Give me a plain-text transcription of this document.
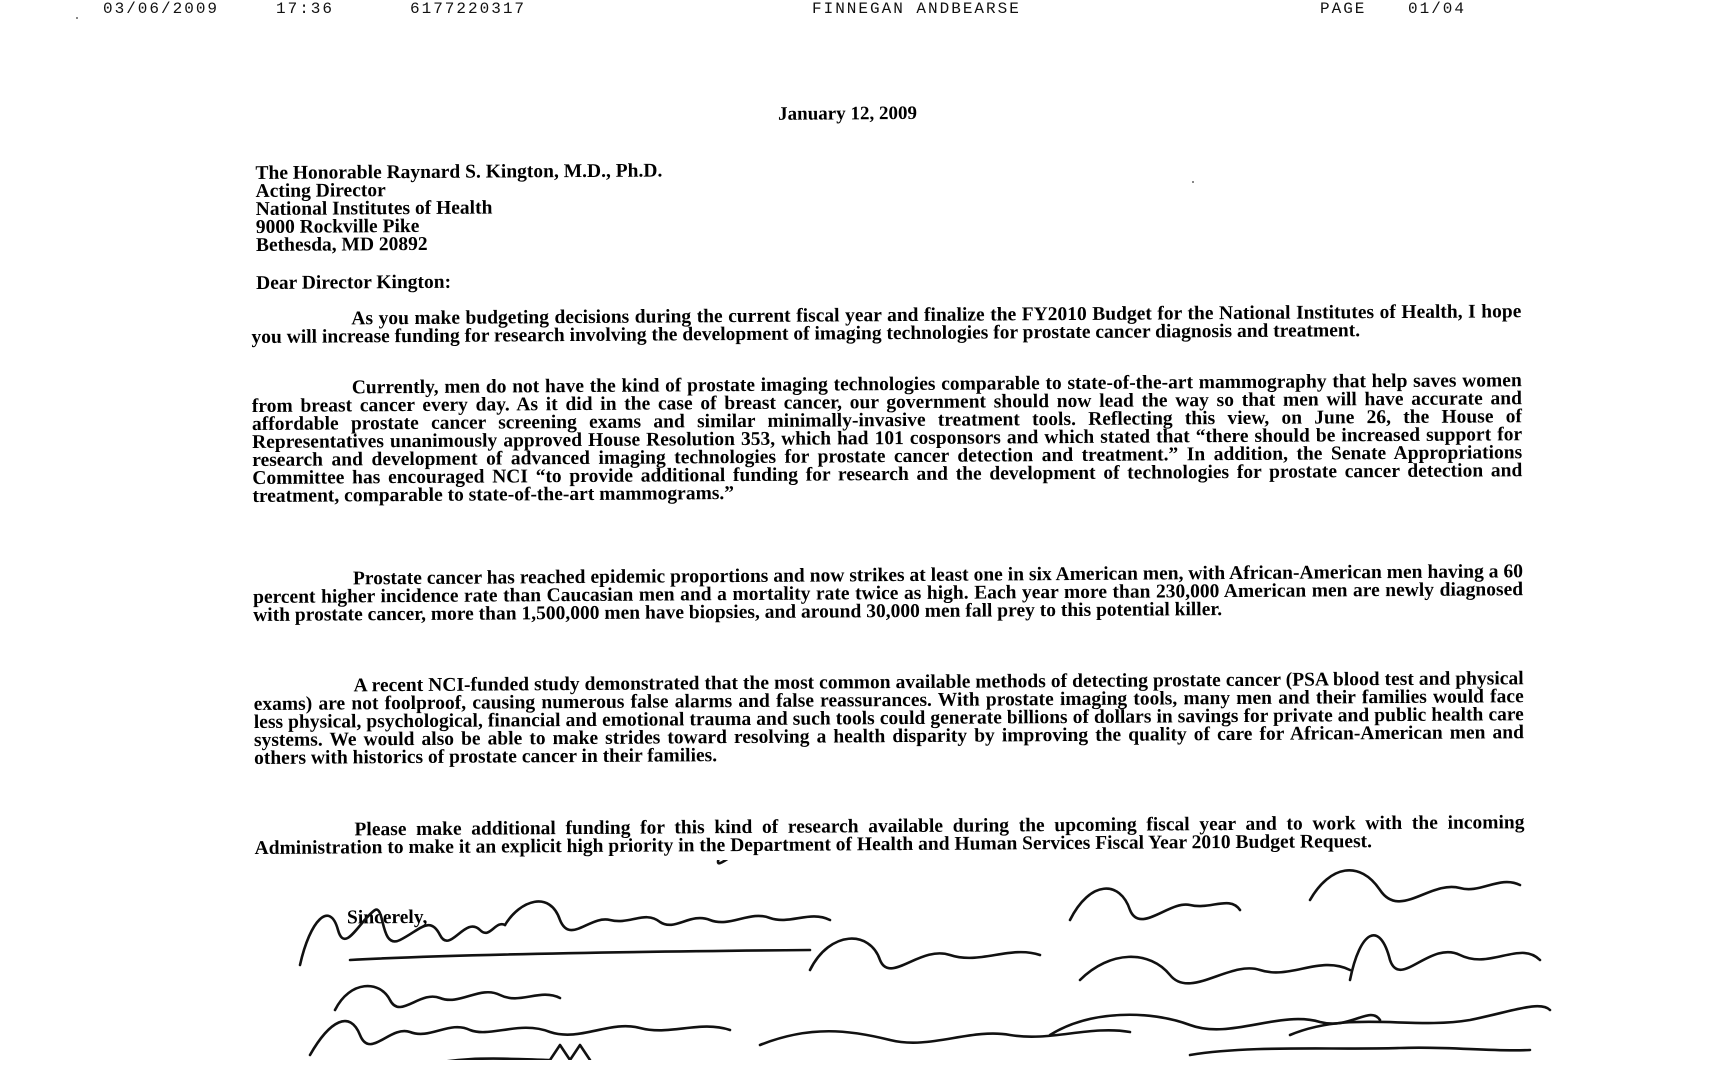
03/06/2009	17:36	6177220317	FINNEGAN ANDBEARSE	PAGE	01/04
January 12, 2009
The Honorable Raynard S. Kington, M.D., Ph.D.
Acting Director
National Institutes of Health
9000 Rockville Pike
Bethesda, MD 20892
Dear Director Kington:
As you make budgeting decisions during the current fiscal year and finalize the FY2010 Budget for the National Institutes of Health, I hope you will increase funding for research involving the development of imaging technologies for prostate cancer diagnosis and treatment.
Currently, men do not have the kind of prostate imaging technologies comparable to state-of-the-art mammography that help saves women from breast cancer every day. As it did in the case of breast cancer, our government should now lead the way so that men will have accurate and affordable prostate cancer screening exams and similar minimally-invasive treatment tools. Reflecting this view, on June 26, the House of Representatives unanimously approved House Resolution 353, which had 101 cosponsors and which stated that “there should be increased support for research and development of advanced imaging technologies for prostate cancer detection and treatment.” In addition, the Senate Appropriations Committee has encouraged NCI “to provide additional funding for research and the development of technologies for prostate cancer detection and treatment, comparable to state-of-the-art mammograms.”
Prostate cancer has reached epidemic proportions and now strikes at least one in six American men, with African-American men having a 60 percent higher incidence rate than Caucasian men and a mortality rate twice as high. Each year more than 230,000 American men are newly diagnosed with prostate cancer, more than 1,500,000 men have biopsies, and around 30,000 men fall prey to this potential killer.
A recent NCI-funded study demonstrated that the most common available methods of detecting prostate cancer (PSA blood test and physical exams) are not foolproof, causing numerous false alarms and false reassurances. With prostate imaging tools, many men and their families would face less physical, psychological, financial and emotional trauma and such tools could generate billions of dollars in savings for private and public health care systems. We would also be able to make strides toward resolving a health disparity by improving the quality of care for African-American men and others with historics of prostate cancer in their families.
Please make additional funding for this kind of research available during the upcoming fiscal year and to work with the incoming Administration to make it an explicit high priority in the Department of Health and Human Services Fiscal Year 2010 Budget Request.
Sincerely,
